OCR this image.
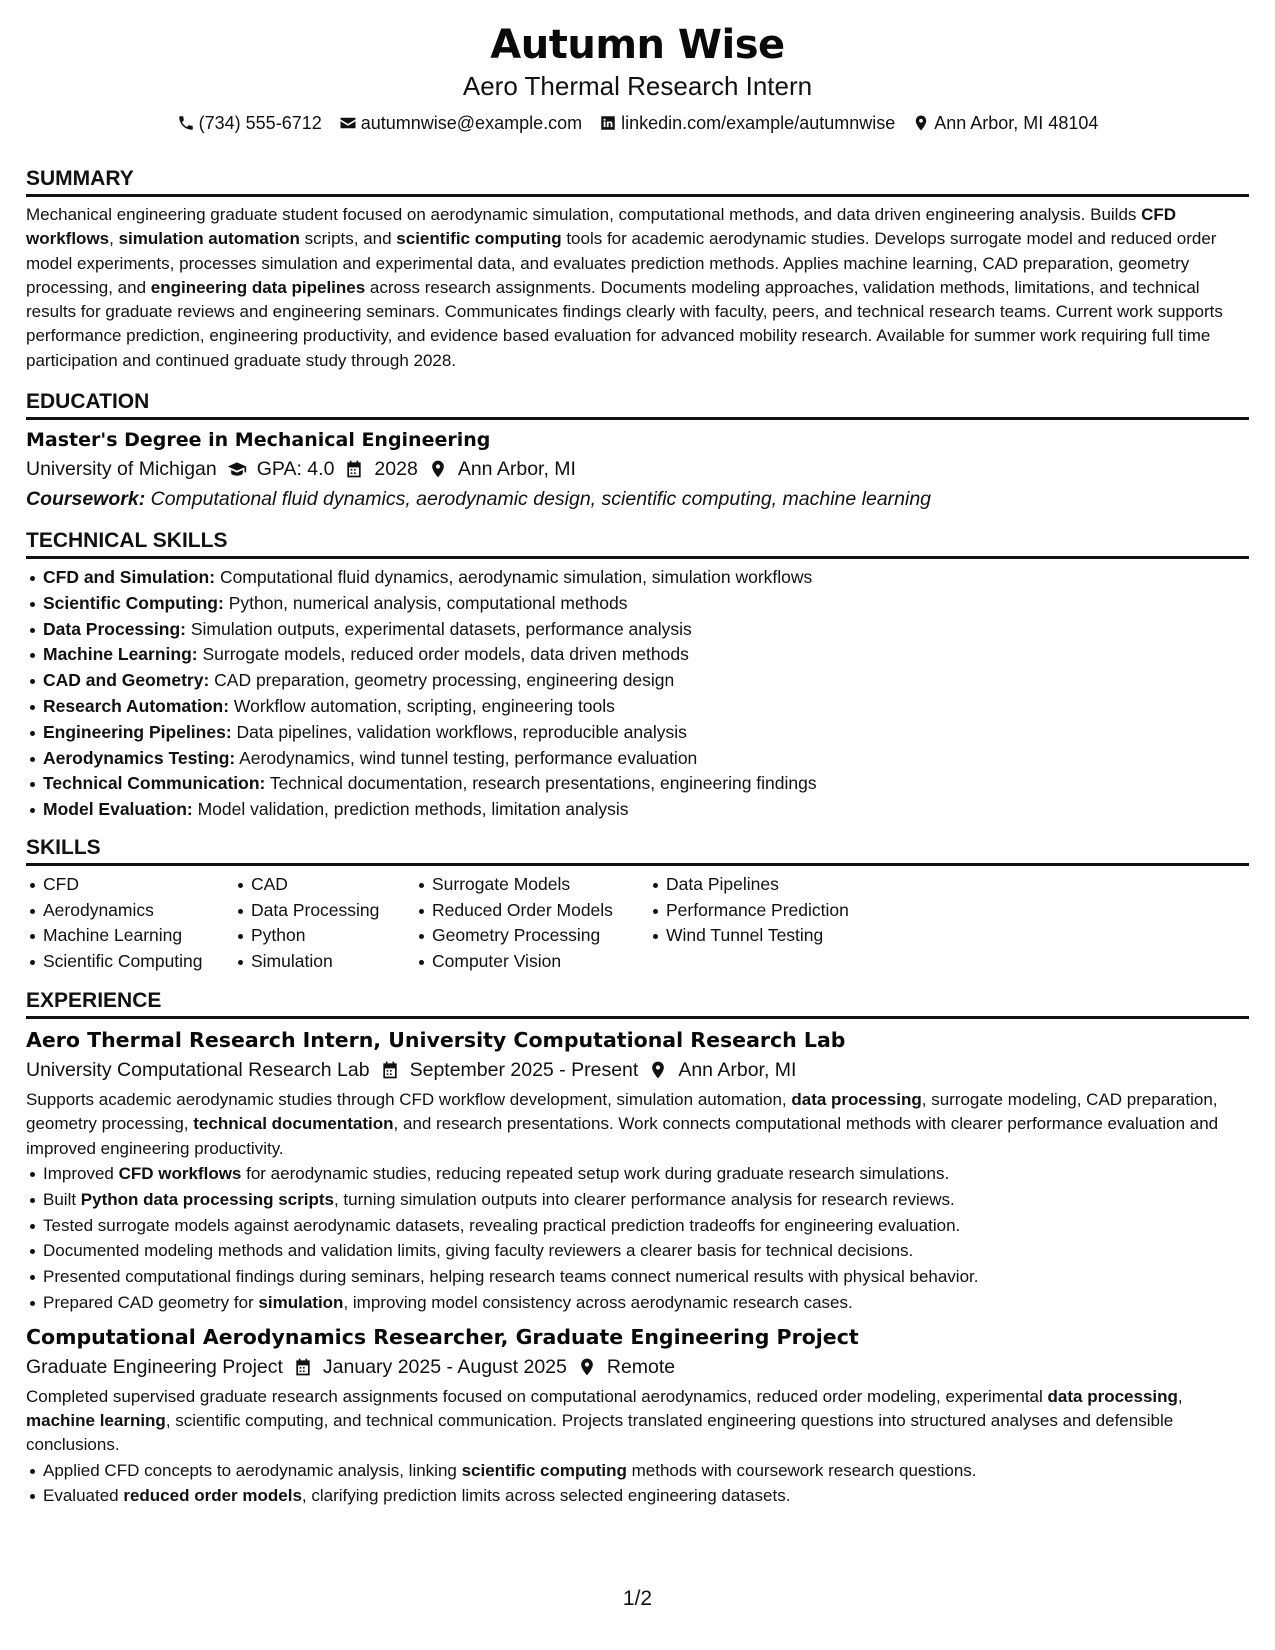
Autumn Wise
Aero Thermal Research Intern
(734) 555-6712 autumnwise@example.com linkedin.com/example/autumnwise Ann Arbor, MI 48104
SUMMARY

Mechanical engineering graduate student focused on aerodynamic simulation, computational methods, and data driven engineering analysis. Builds CFD workflows, simulation automation scripts, and scientific computing tools for academic aerodynamic studies. Develops surrogate model and reduced order model experiments, processes simulation and experimental data, and evaluates prediction methods. Applies machine learning, CAD preparation, geometry processing, and engineering data pipelines across research assignments. Documents modeling approaches, validation methods, limitations, and technical results for graduate reviews and engineering seminars. Communicates findings clearly with faculty, peers, and technical research teams. Current work supports performance prediction, engineering productivity, and evidence based evaluation for advanced mobility research. Available for summer work requiring full time participation and continued graduate study through 2028.

EDUCATION
Master's Degree in Mechanical Engineering
University of Michigan GPA: 4.0 2028 Ann Arbor, MI
Coursework: Computational fluid dynamics, aerodynamic design, scientific computing, machine learning
TECHNICAL SKILLS
CFD and Simulation: Computational fluid dynamics, aerodynamic simulation, simulation workflows
Scientific Computing: Python, numerical analysis, computational methods
Data Processing: Simulation outputs, experimental datasets, performance analysis
Machine Learning: Surrogate models, reduced order models, data driven methods
CAD and Geometry: CAD preparation, geometry processing, engineering design
Research Automation: Workflow automation, scripting, engineering tools
Engineering Pipelines: Data pipelines, validation workflows, reproducible analysis
Aerodynamics Testing: Aerodynamics, wind tunnel testing, performance evaluation
Technical Communication: Technical documentation, research presentations, engineering findings
Model Evaluation: Model validation, prediction methods, limitation analysis
SKILLS
CFD
Aerodynamics
Machine Learning
Scientific Computing
CAD
Data Processing
Python
Simulation
Surrogate Models
Reduced Order Models
Geometry Processing
Computer Vision
Data Pipelines
Performance Prediction
Wind Tunnel Testing
EXPERIENCE
Aero Thermal Research Intern, University Computational Research Lab
University Computational Research Lab September 2025 - Present Ann Arbor, MI

Supports academic aerodynamic studies through CFD workflow development, simulation automation, data processing, surrogate modeling, CAD preparation, geometry processing, technical documentation, and research presentations. Work connects computational methods with clearer performance evaluation and improved engineering productivity.

Improved CFD workflows for aerodynamic studies, reducing repeated setup work during graduate research simulations.
Built Python data processing scripts, turning simulation outputs into clearer performance analysis for research reviews.
Tested surrogate models against aerodynamic datasets, revealing practical prediction tradeoffs for engineering evaluation.
Documented modeling methods and validation limits, giving faculty reviewers a clearer basis for technical decisions.
Presented computational findings during seminars, helping research teams connect numerical results with physical behavior.
Prepared CAD geometry for simulation, improving model consistency across aerodynamic research cases.
Computational Aerodynamics Researcher, Graduate Engineering Project
Graduate Engineering Project January 2025 - August 2025 Remote

Completed supervised graduate research assignments focused on computational aerodynamics, reduced order modeling, experimental data processing, machine learning, scientific computing, and technical communication. Projects translated engineering questions into structured analyses and defensible conclusions.

Applied CFD concepts to aerodynamic analysis, linking scientific computing methods with coursework research questions.
Evaluated reduced order models, clarifying prediction limits across selected engineering datasets.
1/2
